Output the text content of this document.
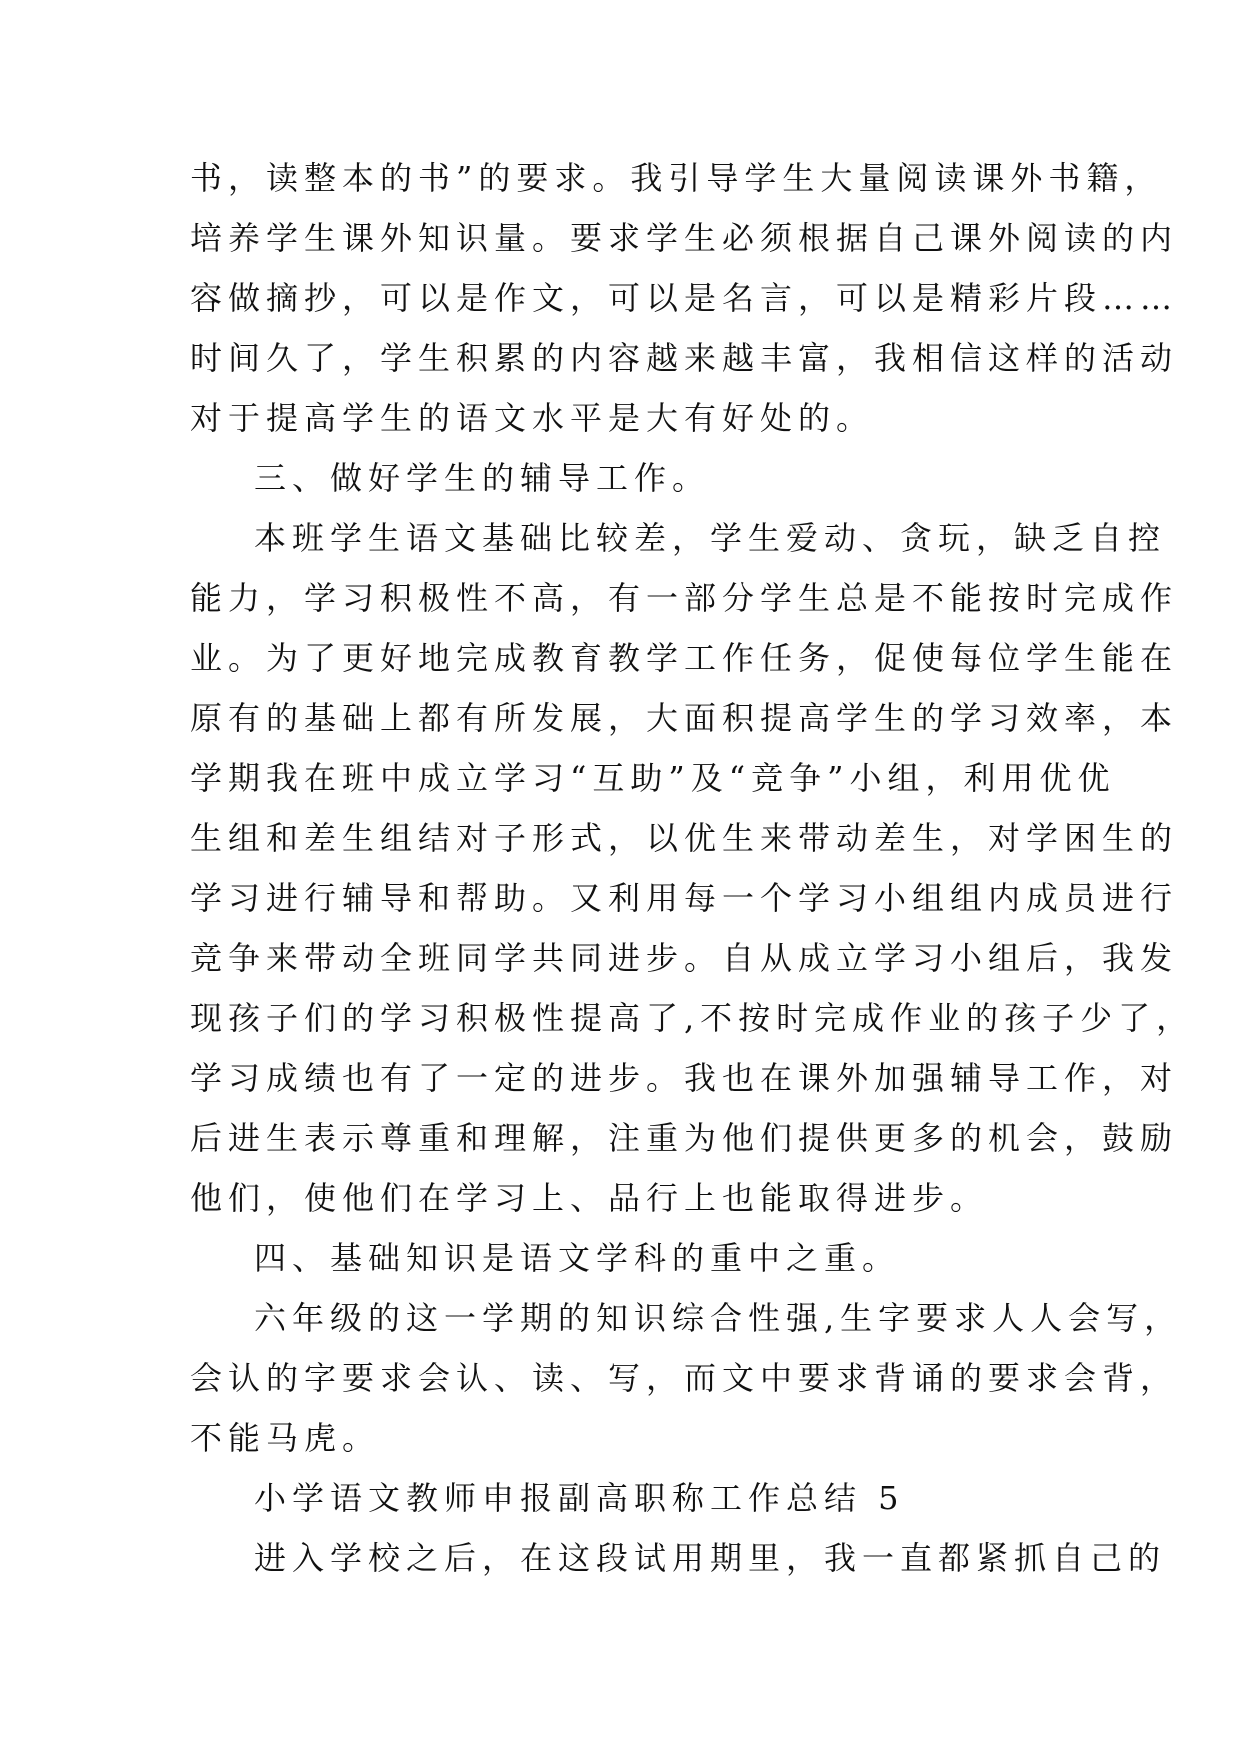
书，读整本的书”的要求。我引导学生大量阅读课外书籍，
培养学生课外知识量。要求学生必须根据自己课外阅读的内
容做摘抄，可以是作文，可以是名言，可以是精彩片段……
时间久了，学生积累的内容越来越丰富，我相信这样的活动
对于提高学生的语文水平是大有好处的。
三、做好学生的辅导工作。
本班学生语文基础比较差，学生爱动、贪玩，缺乏自控
能力，学习积极性不高，有一部分学生总是不能按时完成作
业。为了更好地完成教育教学工作任务，促使每位学生能在
原有的基础上都有所发展，大面积提高学生的学习效率，本
学期我在班中成立学习“互助”及“竞争”小组，利用优优
生组和差生组结对子形式，以优生来带动差生，对学困生的
学习进行辅导和帮助。又利用每一个学习小组组内成员进行
竞争来带动全班同学共同进步。自从成立学习小组后，我发
现孩子们的学习积极性提高了,不按时完成作业的孩子少了，
学习成绩也有了一定的进步。我也在课外加强辅导工作，对
后进生表示尊重和理解，注重为他们提供更多的机会，鼓励
他们，使他们在学习上、品行上也能取得进步。
四、基础知识是语文学科的重中之重。
六年级的这一学期的知识综合性强,生字要求人人会写，
会认的字要求会认、读、写，而文中要求背诵的要求会背，
不能马虎。
小学语文教师申报副高职称工作总结 5
进入学校之后，在这段试用期里，我一直都紧抓自己的
